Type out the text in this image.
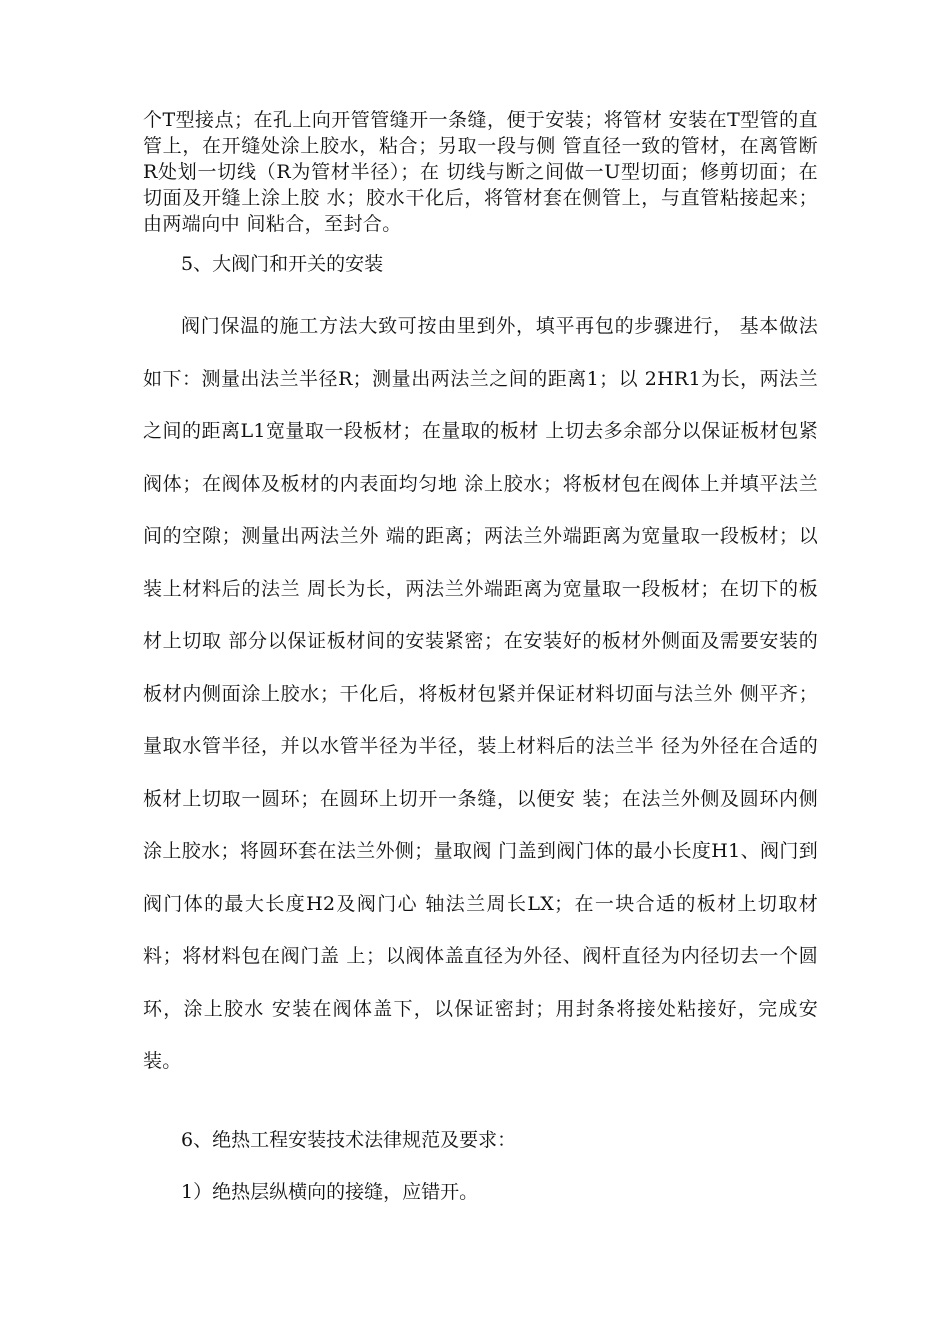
个T型接点；在孔上向开管管缝开一条缝，便于安装；将管材 安装在T型管的直管上，在开缝处涂上胶水，粘合；另取一段与侧 管直径一致的管材，在离管断 R处划一切线（R为管材半径）；在 切线与断之间做一U型切面；修剪切面；在切面及开缝上涂上胶 水；胶水干化后，将管材套在侧管上，与直管粘接起来；由两端向中 间粘合，至封合。

5、大阀门和开关的安装

阀门保温的施工方法大致可按由里到外，填平再包的步骤进行， 基本做法如下：测量出法兰半径R；测量出两法兰之间的距离1；以 2HR1为长，两法兰之间的距离L1宽量取一段板材；在量取的板材 上切去多余部分以保证板材包紧阀体；在阀体及板材的内表面均匀地 涂上胶水；将板材包在阀体上并填平法兰间的空隙；测量出两法兰外 端的距离；两法兰外端距离为宽量取一段板材；以装上材料后的法兰 周长为长，两法兰外端距离为宽量取一段板材；在切下的板材上切取 部分以保证板材间的安装紧密；在安装好的板材外侧面及需要安装的 板材内侧面涂上胶水；干化后，将板材包紧并保证材料切面与法兰外 侧平齐；量取水管半径，并以水管半径为半径，装上材料后的法兰半 径为外径在合适的板材上切取一圆环；在圆环上切开一条缝，以便安 装；在法兰外侧及圆环内侧涂上胶水；将圆环套在法兰外侧；量取阀 门盖到阀门体的最小长度H1、阀门到阀门体的最大长度H2及阀门心 轴法兰周长LX；在一块合适的板材上切取材料；将材料包在阀门盖 上；以阀体盖直径为外径、阀杆直径为内径切去一个圆环，涂上胶水 安装在阀体盖下，以保证密封；用封条将接处粘接好，完成安装。

6、绝热工程安装技术法律规范及要求：

1）绝热层纵横向的接缝，应错开。
